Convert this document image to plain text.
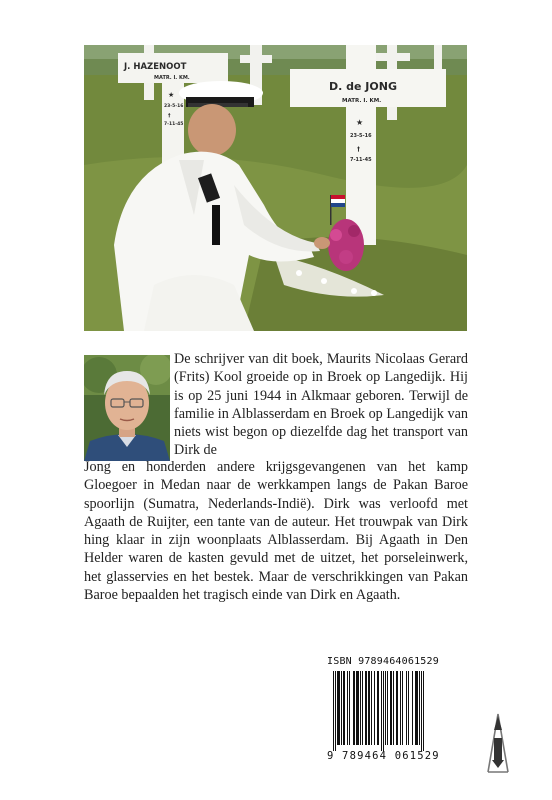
J. HAZENOOT
MATR. I. KM.
★
23-5-16
†
7-11-45
D. de JONG
MATR. I. KM.
★
23-5-16
†
7-11-45

De schrijver van dit boek, Maurits Nicolaas Gerard (Frits) Kool groeide op in Broek op Langedijk. Hij is op 25 juni 1944 in Alkmaar geboren. Terwijl de familie in Alblasserdam en Broek op Langedijk van niets wist begon op diezelfde dag het transport van Dirk de

Jong en honderden andere krijgsgevangenen van het kamp Gloegoer in Medan naar de werkkampen langs de Pakan Baroe spoorlijn (Sumatra, Nederlands-Indië). Dirk was verloofd met Agaath de Ruijter, een tante van de auteur. Het trouwpak van Dirk hing klaar in zijn woonplaats Alblasserdam. Bij Agaath in Den Helder waren de kasten gevuld met de uitzet, het porseleinwerk, het glasservies en het bestek. Maar de verschrikkingen van Pakan Baroe bepaalden het tragisch einde van Dirk en Agaath.

ISBN 9789464061529
9 789464 061529
